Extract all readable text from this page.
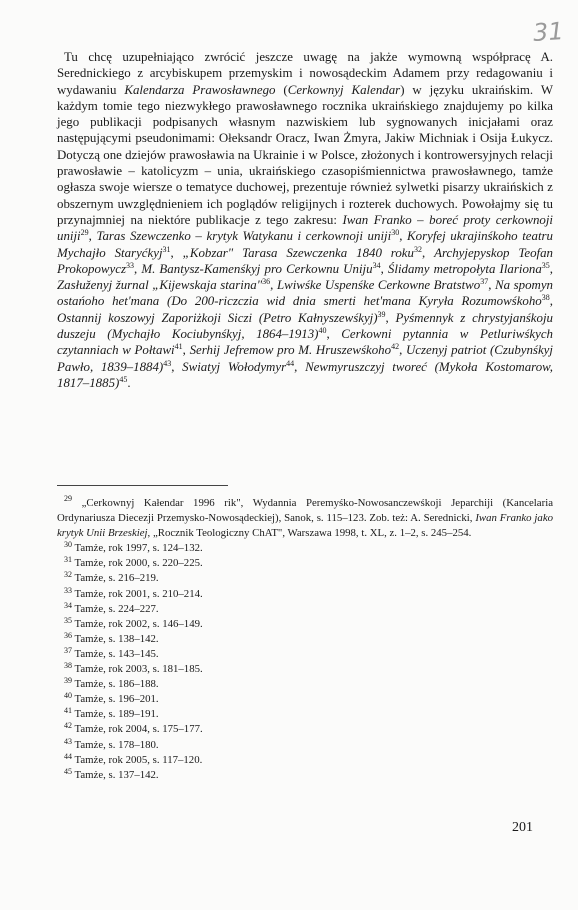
31

Tu chcę uzupełniająco zwrócić jeszcze uwagę na jakże wymowną współpracę A. Serednickiego z arcybiskupem przemyskim i nowosądeckim Adamem przy redagowaniu i wydawaniu Kalendarza Prawosławnego (Cerkownyj Kalendar) w języku ukraińskim. W każdym tomie tego niezwykłego prawosławnego rocznika ukraińskiego znajdujemy po kilka jego publikacji podpisanych własnym nazwiskiem lub sygnowanych inicjałami oraz następującymi pseudonimami: Ołeksandr Oracz, Iwan Żmyra, Jakiw Michniak i Osija Łukycz. Dotyczą one dziejów prawosławia na Ukrainie i w Polsce, złożonych i kontrowersyjnych relacji prawosławie – katolicyzm – unia, ukraińskiego czasopiśmiennictwa prawosławnego, tamże ogłasza swoje wiersze o tematyce duchowej, prezentuje również sylwetki pisarzy ukraińskich z obszernym uwzględnieniem ich poglądów religijnych i rozterek duchowych. Powołajmy się tu przynajmniej na niektóre publikacje z tego zakresu: Iwan Franko – boreć proty cerkownoji uniji$^{29}$, Taras Szewczenko – krytyk Watykanu i cerkownoji uniji$^{30}$, Koryfej ukrajinśkoho teatru Mychajło Staryćkyj$^{31}$, „Kobzar" Tarasa Szewczenka 1840 roku$^{32}$, Archyjepyskop Teofan Prokopowycz$^{33}$, M. Bantysz-Kamenśkyj pro Cerkownu Uniju$^{34}$, Ślidamy metropołyta Ilariona$^{35}$, Zasłuženyj žurnal „Kijewskaja starina"$^{36}$, Lwiwśke Uspenśke Cerkowne Bratstwo$^{37}$, Na spomyn ostańoho het'mana (Do 200-riczczia wid dnia smerti het'mana Kyryła Rozumowśkoho$^{38}$, Ostannij koszowyj Zaporiżkoji Siczi (Petro Kałnyszewśkyj)$^{39}$, Pyśmennyk z chrystyjanśkoju duszeju (Mychajło Kociubynśkyj, 1864–1913)$^{40}$, Cerkowni pytannia w Petluriwśkych czytanniach w Połtawi$^{41}$, Serhij Jefremow pro M. Hruszewśkoho$^{42}$, Uczenyj patriot (Czubynśkyj Pawło, 1839–1884)$^{43}$, Swiatyj Wołodymyr$^{44}$, Newmyruszczyj tworeć (Mykoła Kostomarow, 1817–1885)$^{45}$.

$^{29}$ „Cerkownyj Kałendar 1996 rik", Wydannia Peremyśko-Nowosanczewśkoji Jeparchiji (Kancelaria Ordynariusza Diecezji Przemysko-Nowosądeckiej), Sanok, s. 115–123. Zob. też: A. Serednicki, Iwan Franko jako krytyk Unii Brzeskiej, „Rocznik Teologiczny ChAT", Warszawa 1998, t. XL, z. 1–2, s. 245–254.

$^{30}$ Tamże, rok 1997, s. 124–132.

$^{31}$ Tamże, rok 2000, s. 220–225.

$^{32}$ Tamże, s. 216–219.

$^{33}$ Tamże, rok 2001, s. 210–214.

$^{34}$ Tamże, s. 224–227.

$^{35}$ Tamże, rok 2002, s. 146–149.

$^{36}$ Tamże, s. 138–142.

$^{37}$ Tamże, s. 143–145.

$^{38}$ Tamże, rok 2003, s. 181–185.

$^{39}$ Tamże, s. 186–188.

$^{40}$ Tamże, s. 196–201.

$^{41}$ Tamże, s. 189–191.

$^{42}$ Tamże, rok 2004, s. 175–177.

$^{43}$ Tamże, s. 178–180.

$^{44}$ Tamże, rok 2005, s. 117–120.

$^{45}$ Tamże, s. 137–142.

201
